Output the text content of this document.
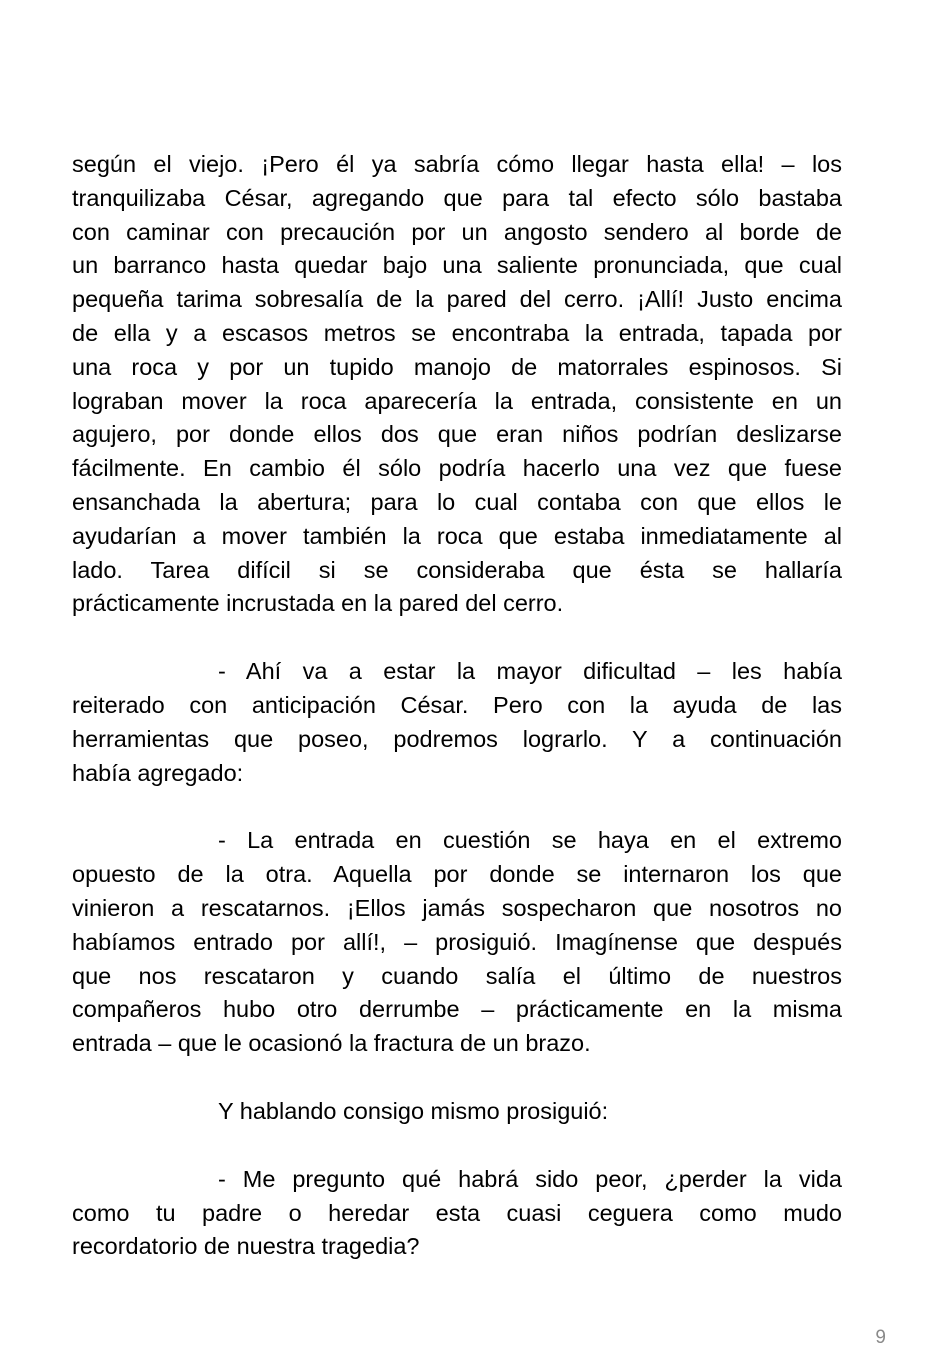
según el viejo. ¡Pero él ya sabría cómo llegar hasta ella! – los
tranquilizaba César, agregando que para tal efecto sólo bastaba
con caminar con precaución por un angosto sendero al borde de
un barranco hasta quedar bajo una saliente pronunciada, que cual
pequeña tarima sobresalía de la pared del cerro. ¡Allí! Justo encima
de ella y a escasos metros se encontraba la entrada, tapada por
una roca y por un tupido manojo de matorrales espinosos. Si
lograban mover la roca aparecería la entrada, consistente en un
agujero, por donde ellos dos que eran niños podrían deslizarse
fácilmente. En cambio él sólo podría hacerlo una vez que fuese
ensanchada la abertura; para lo cual contaba con que ellos le
ayudarían a mover también la roca que estaba inmediatamente al
lado. Tarea difícil si se consideraba que ésta se hallaría
prácticamente incrustada en la pared del cerro.
- Ahí va a estar la mayor dificultad – les había
reiterado con anticipación César. Pero con la ayuda de las
herramientas que poseo, podremos lograrlo. Y a continuación
había agregado:
- La entrada en cuestión se haya en el extremo
opuesto de la otra. Aquella por donde se internaron los que
vinieron a rescatarnos. ¡Ellos jamás sospecharon que nosotros no
habíamos entrado por allí!, – prosiguió. Imagínense que después
que nos rescataron y cuando salía el último de nuestros
compañeros hubo otro derrumbe – prácticamente en la misma
entrada – que le ocasionó la fractura de un brazo.
Y hablando consigo mismo prosiguió:
- Me pregunto qué habrá sido peor, ¿perder la vida
como tu padre o heredar esta cuasi ceguera como mudo
recordatorio de nuestra tragedia?
9
